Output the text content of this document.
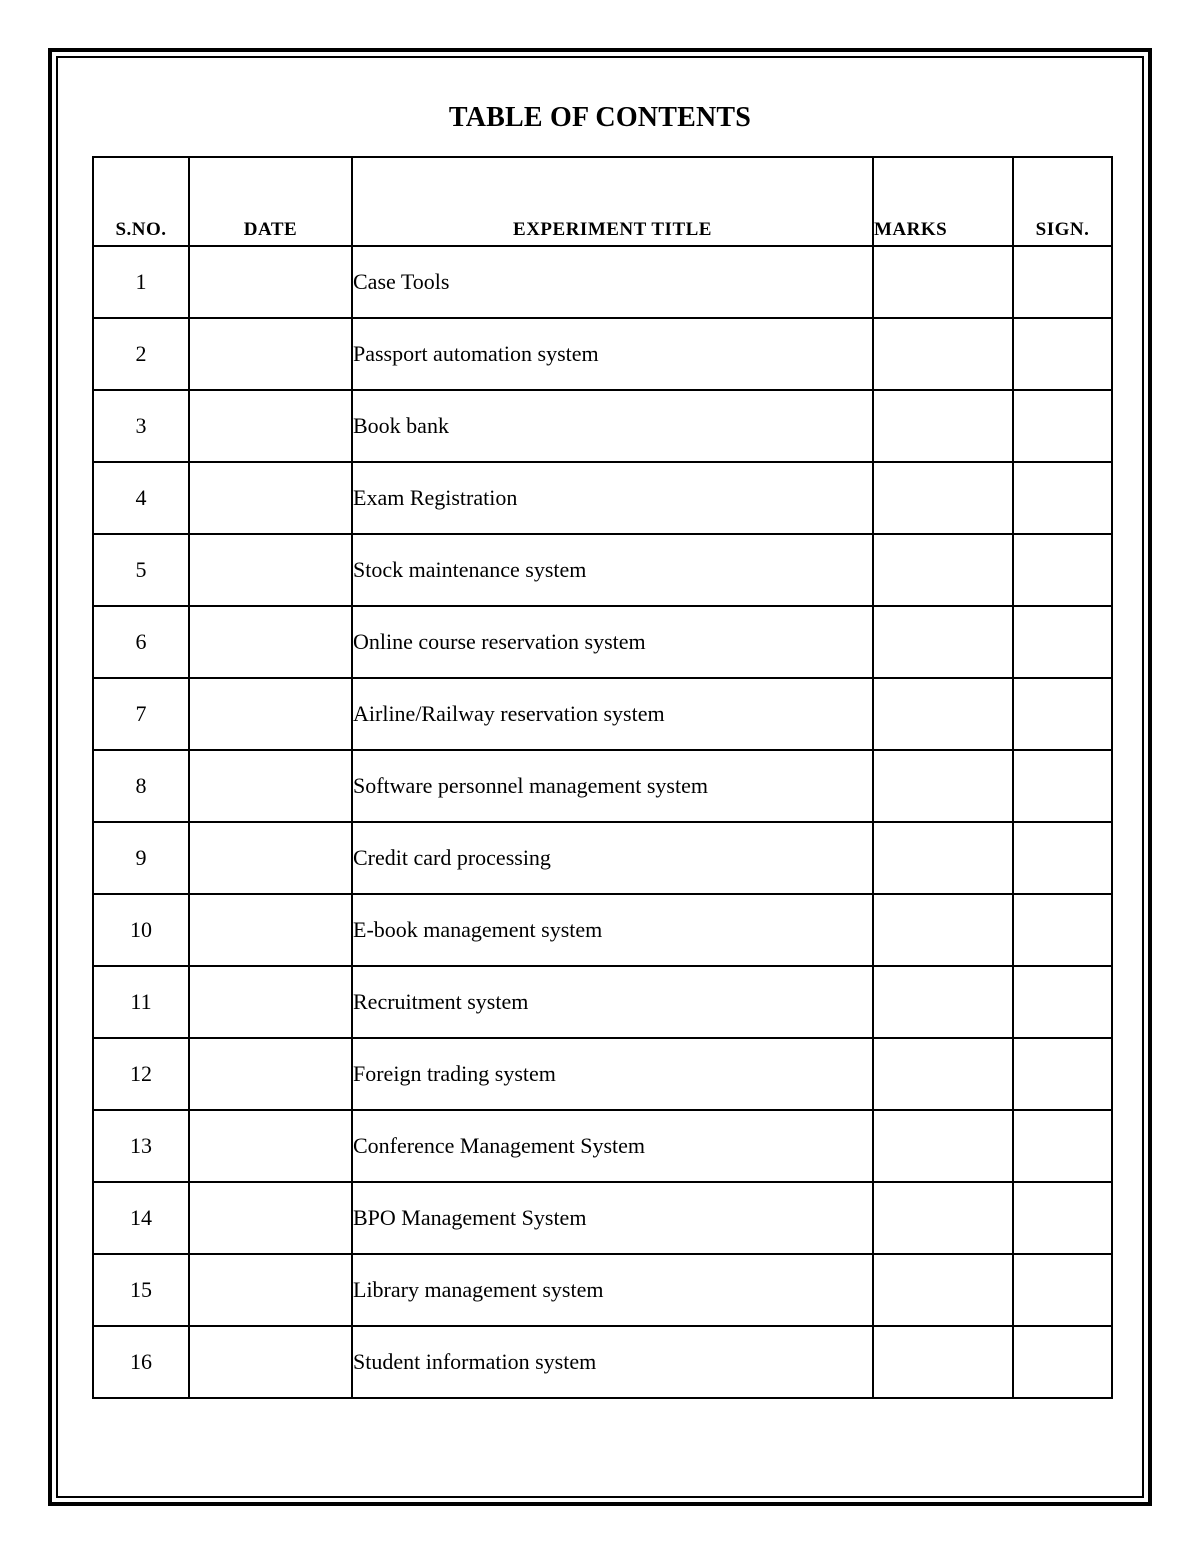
TABLE OF CONTENTS
S.NO.	DATE	EXPERIMENT TITLE	MARKS	SIGN.
1		Case Tools		
2		Passport automation system		
3		Book bank		
4		Exam Registration		
5		Stock maintenance system		
6		Online course reservation system		
7		Airline/Railway reservation system		
8		Software personnel management system		
9		Credit card processing		
10		E-book management system		
11		Recruitment system		
12		Foreign trading system		
13		Conference Management System		
14		BPO Management System		
15		Library management system		
16		Student information system		
